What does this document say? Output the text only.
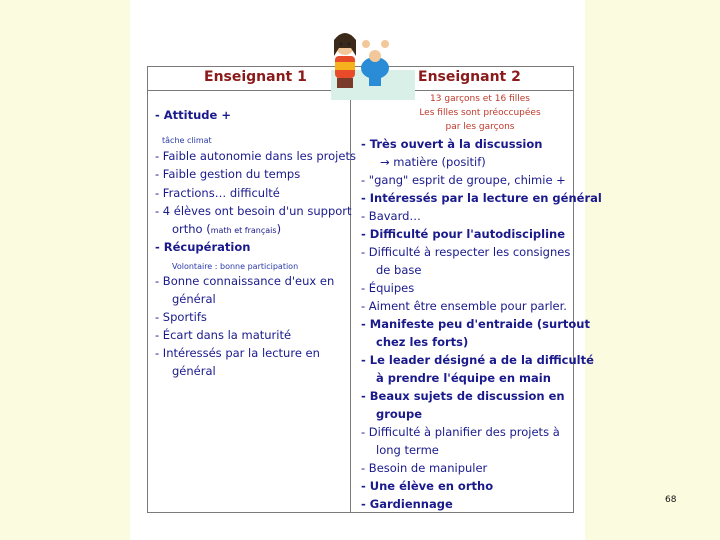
Enseignant 1	Enseignant 2
13 garçons et 16 filles
Les filles sont préoccupées
par les garçons
- Attitude +
tâche climat
- Faible autonomie dans les projets
- Faible gestion du temps
- Fractions… difficulté
- 4 élèves ont besoin d'un support
ortho (math et français)
- Récupération
Volontaire : bonne participation
- Bonne connaissance d'eux en
général
- Sportifs
- Écart dans la maturité
- Intéressés par la lecture en
général
- Très ouvert à la discussion
→ matière (positif)
- "gang" esprit de groupe, chimie +
- Intéressés par la lecture en général
- Bavard…
- Difficulté pour l'autodiscipline
- Difficulté à respecter les consignes
de base
- Équipes
- Aiment être ensemble pour parler.
- Manifeste peu d'entraide (surtout
chez les forts)
- Le leader désigné a de la difficulté
à prendre l'équipe en main
- Beaux sujets de discussion en
groupe
- Difficulté à planifier des projets à
long terme
- Besoin de manipuler
- Une élève en ortho
- Gardiennage	68
